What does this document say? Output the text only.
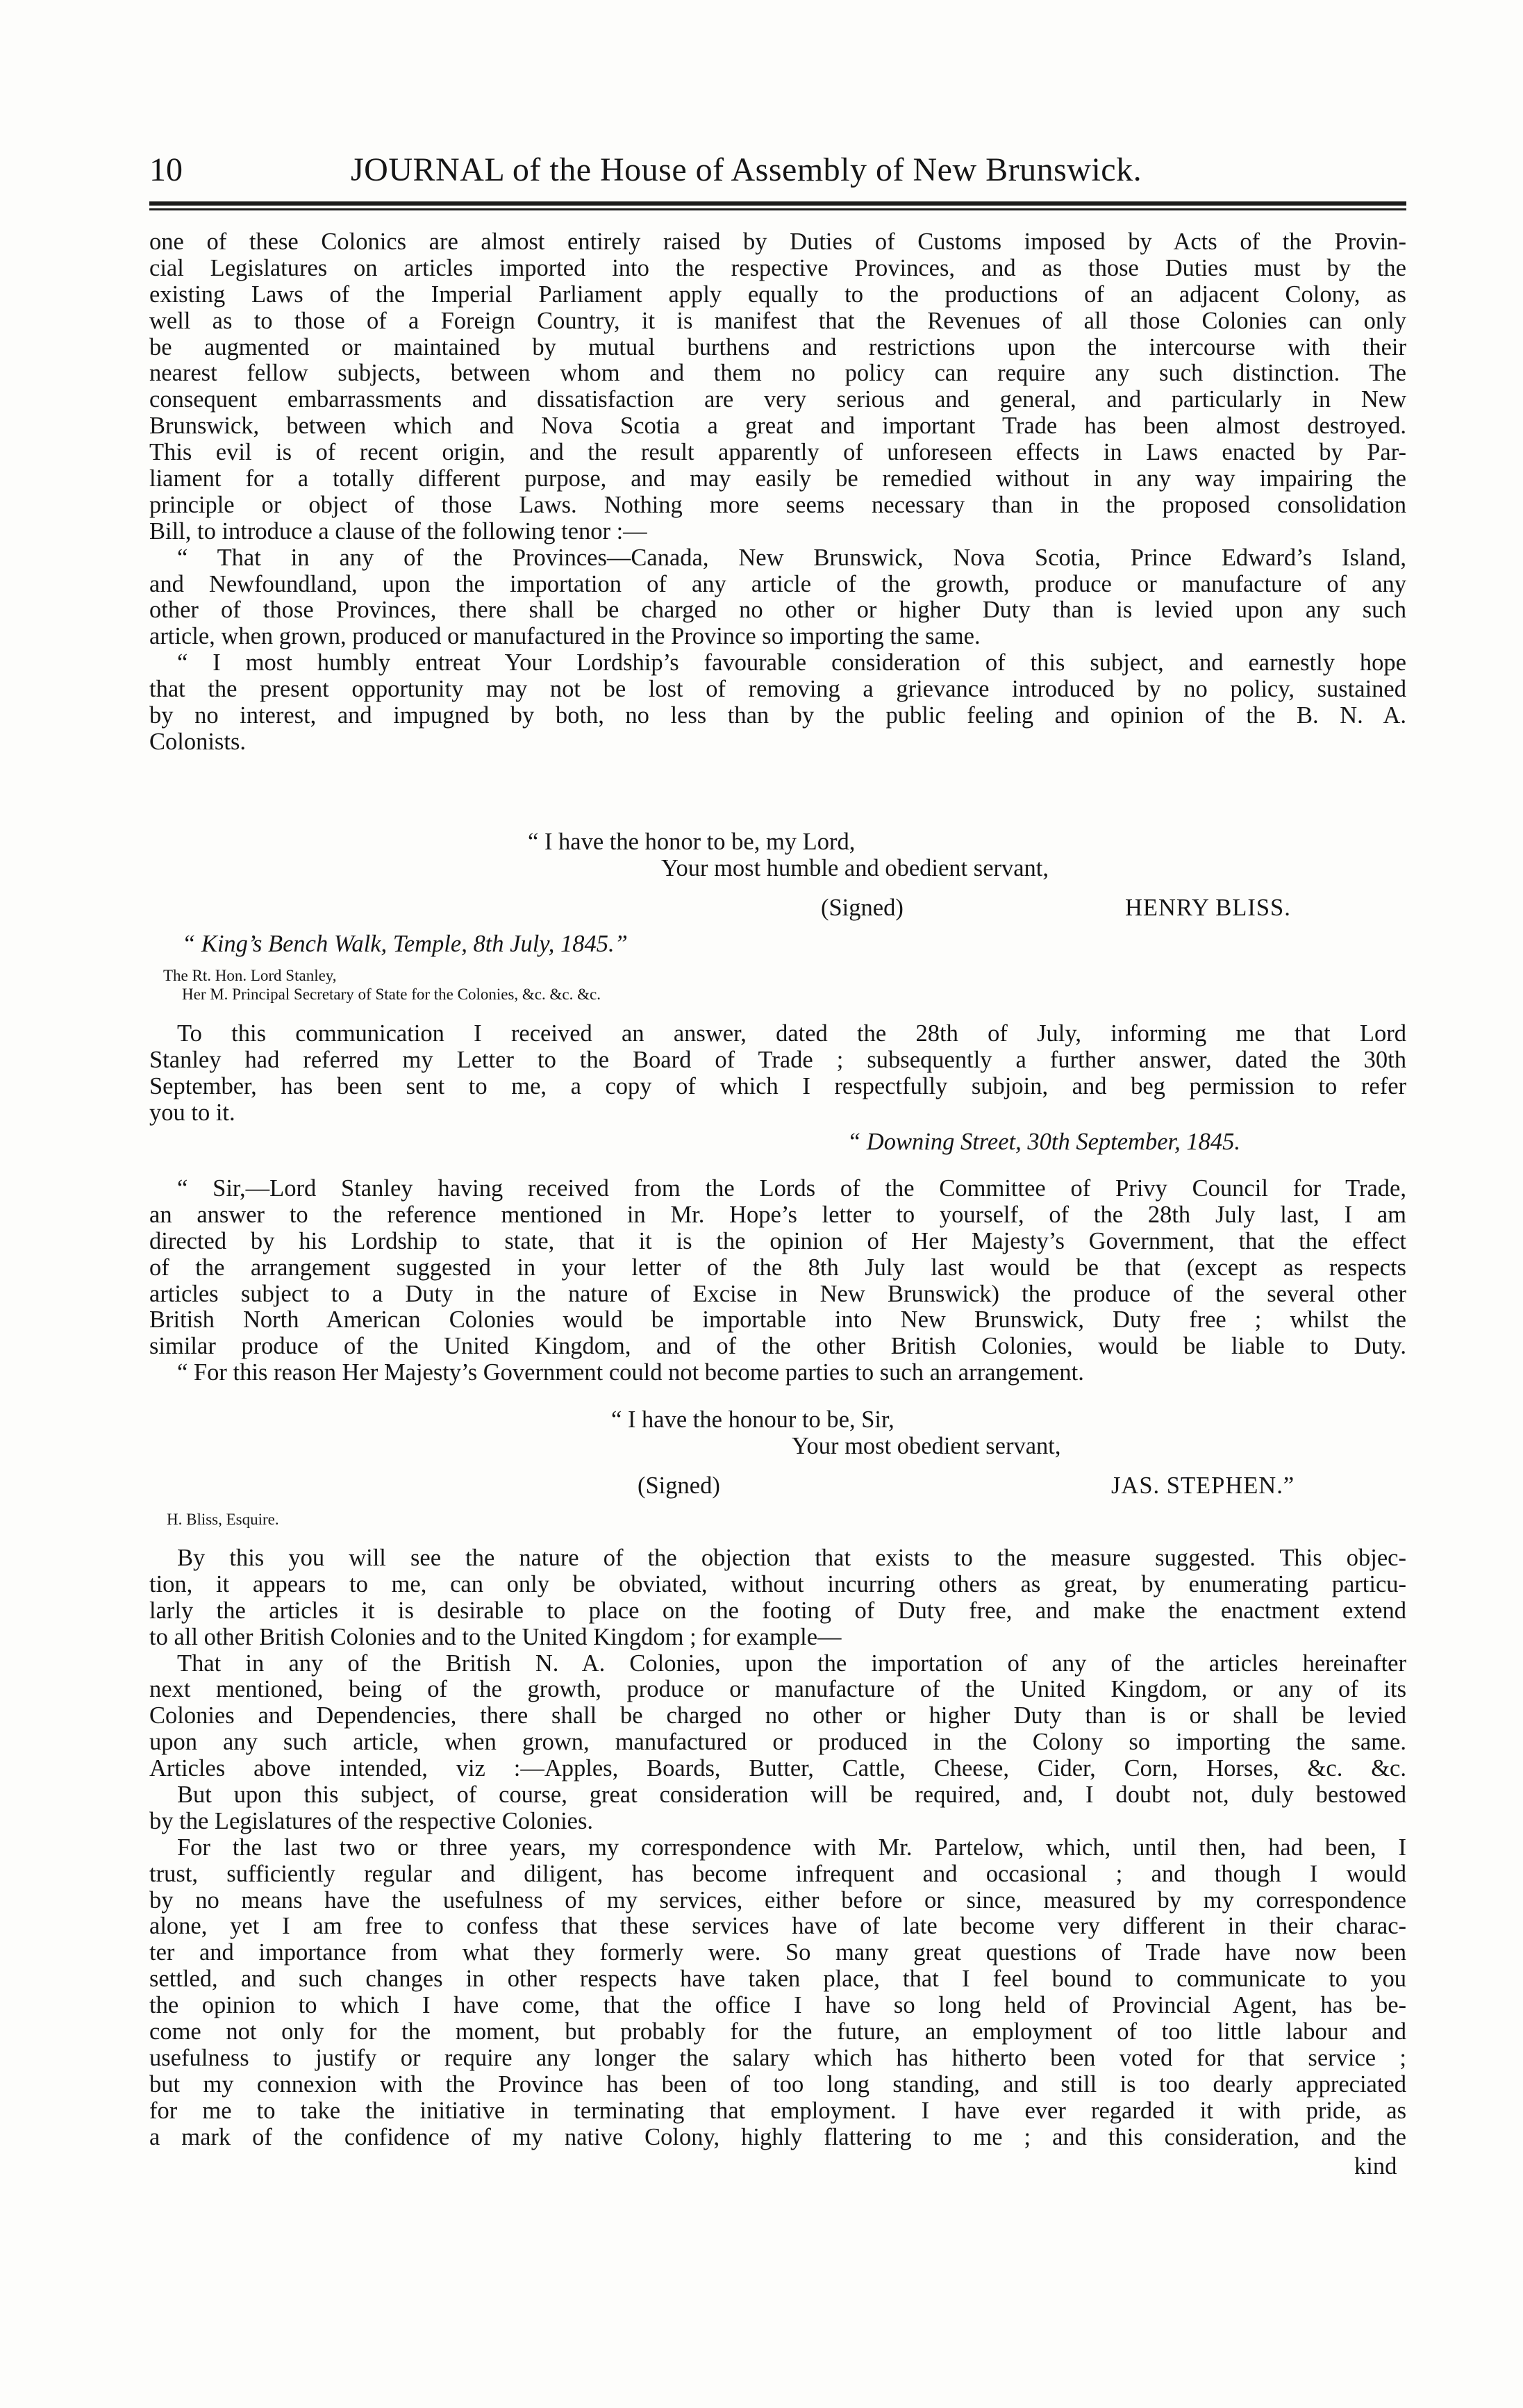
10	JOURNAL of the House of Assembly of New Brunswick.
one of these Colonics are almost entirely raised by Duties of Customs imposed by Acts of the Provin-
cial Legislatures on articles imported into the respective Provinces, and as those Duties must by the
existing Laws of the Imperial Parliament apply equally to the productions of an adjacent Colony, as
well as to those of a Foreign Country, it is manifest that the Revenues of all those Colonies can only
be augmented or maintained by mutual burthens and restrictions upon the intercourse with their
nearest fellow subjects, between whom and them no policy can require any such distinction. The
consequent embarrassments and dissatisfaction are very serious and general, and particularly in New
Brunswick, between which and Nova Scotia a great and important Trade has been almost destroyed.
This evil is of recent origin, and the result apparently of unforeseen effects in Laws enacted by Par-
liament for a totally different purpose, and may easily be remedied without in any way impairing the
principle or object of those Laws. Nothing more seems necessary than in the proposed consolidation
Bill, to introduce a clause of the following tenor :—
“ That in any of the Provinces—Canada, New Brunswick, Nova Scotia, Prince Edward’s Island,
and Newfoundland, upon the importation of any article of the growth, produce or manufacture of any
other of those Provinces, there shall be charged no other or higher Duty than is levied upon any such
article, when grown, produced or manufactured in the Province so importing the same.
“ I most humbly entreat Your Lordship’s favourable consideration of this subject, and earnestly hope
that the present opportunity may not be lost of removing a grievance introduced by no policy, sustained
by no interest, and impugned by both, no less than by the public feeling and opinion of the B. N. A.
Colonists.
“ I have the honor to be, my Lord,
Your most humble and obedient servant,
(Signed)	HENRY BLISS.
“ King’s Bench Walk, Temple, 8th July, 1845.”
The Rt. Hon. Lord Stanley,
Her M. Principal Secretary of State for the Colonies, &c. &c. &c.
To this communication I received an answer, dated the 28th of July, informing me that Lord
Stanley had referred my Letter to the Board of Trade ; subsequently a further answer, dated the 30th
September, has been sent to me, a copy of which I respectfully subjoin, and beg permission to refer
you to it.
“ Downing Street, 30th September, 1845.
“ Sir,—Lord Stanley having received from the Lords of the Committee of Privy Council for Trade,
an answer to the reference mentioned in Mr. Hope’s letter to yourself, of the 28th July last, I am
directed by his Lordship to state, that it is the opinion of Her Majesty’s Government, that the effect
of the arrangement suggested in your letter of the 8th July last would be that (except as respects
articles subject to a Duty in the nature of Excise in New Brunswick) the produce of the several other
British North American Colonies would be importable into New Brunswick, Duty free ; whilst the
similar produce of the United Kingdom, and of the other British Colonies, would be liable to Duty.
“ For this reason Her Majesty’s Government could not become parties to such an arrangement.
“ I have the honour to be, Sir,
Your most obedient servant,
(Signed)	JAS. STEPHEN.”
H. Bliss, Esquire.
By this you will see the nature of the objection that exists to the measure suggested. This objec-
tion, it appears to me, can only be obviated, without incurring others as great, by enumerating particu-
larly the articles it is desirable to place on the footing of Duty free, and make the enactment extend
to all other British Colonies and to the United Kingdom ; for example—
That in any of the British N. A. Colonies, upon the importation of any of the articles hereinafter
next mentioned, being of the growth, produce or manufacture of the United Kingdom, or any of its
Colonies and Dependencies, there shall be charged no other or higher Duty than is or shall be levied
upon any such article, when grown, manufactured or produced in the Colony so importing the same.
Articles above intended, viz :—Apples, Boards, Butter, Cattle, Cheese, Cider, Corn, Horses, &c. &c.
But upon this subject, of course, great consideration will be required, and, I doubt not, duly bestowed
by the Legislatures of the respective Colonies.
For the last two or three years, my correspondence with Mr. Partelow, which, until then, had been, I
trust, sufficiently regular and diligent, has become infrequent and occasional ; and though I would
by no means have the usefulness of my services, either before or since, measured by my correspondence
alone, yet I am free to confess that these services have of late become very different in their charac-
ter and importance from what they formerly were. So many great questions of Trade have now been
settled, and such changes in other respects have taken place, that I feel bound to communicate to you
the opinion to which I have come, that the office I have so long held of Provincial Agent, has be-
come not only for the moment, but probably for the future, an employment of too little labour and
usefulness to justify or require any longer the salary which has hitherto been voted for that service ;
but my connexion with the Province has been of too long standing, and still is too dearly appreciated
for me to take the initiative in terminating that employment. I have ever regarded it with pride, as
a mark of the confidence of my native Colony, highly flattering to me ; and this consideration, and the
kind
